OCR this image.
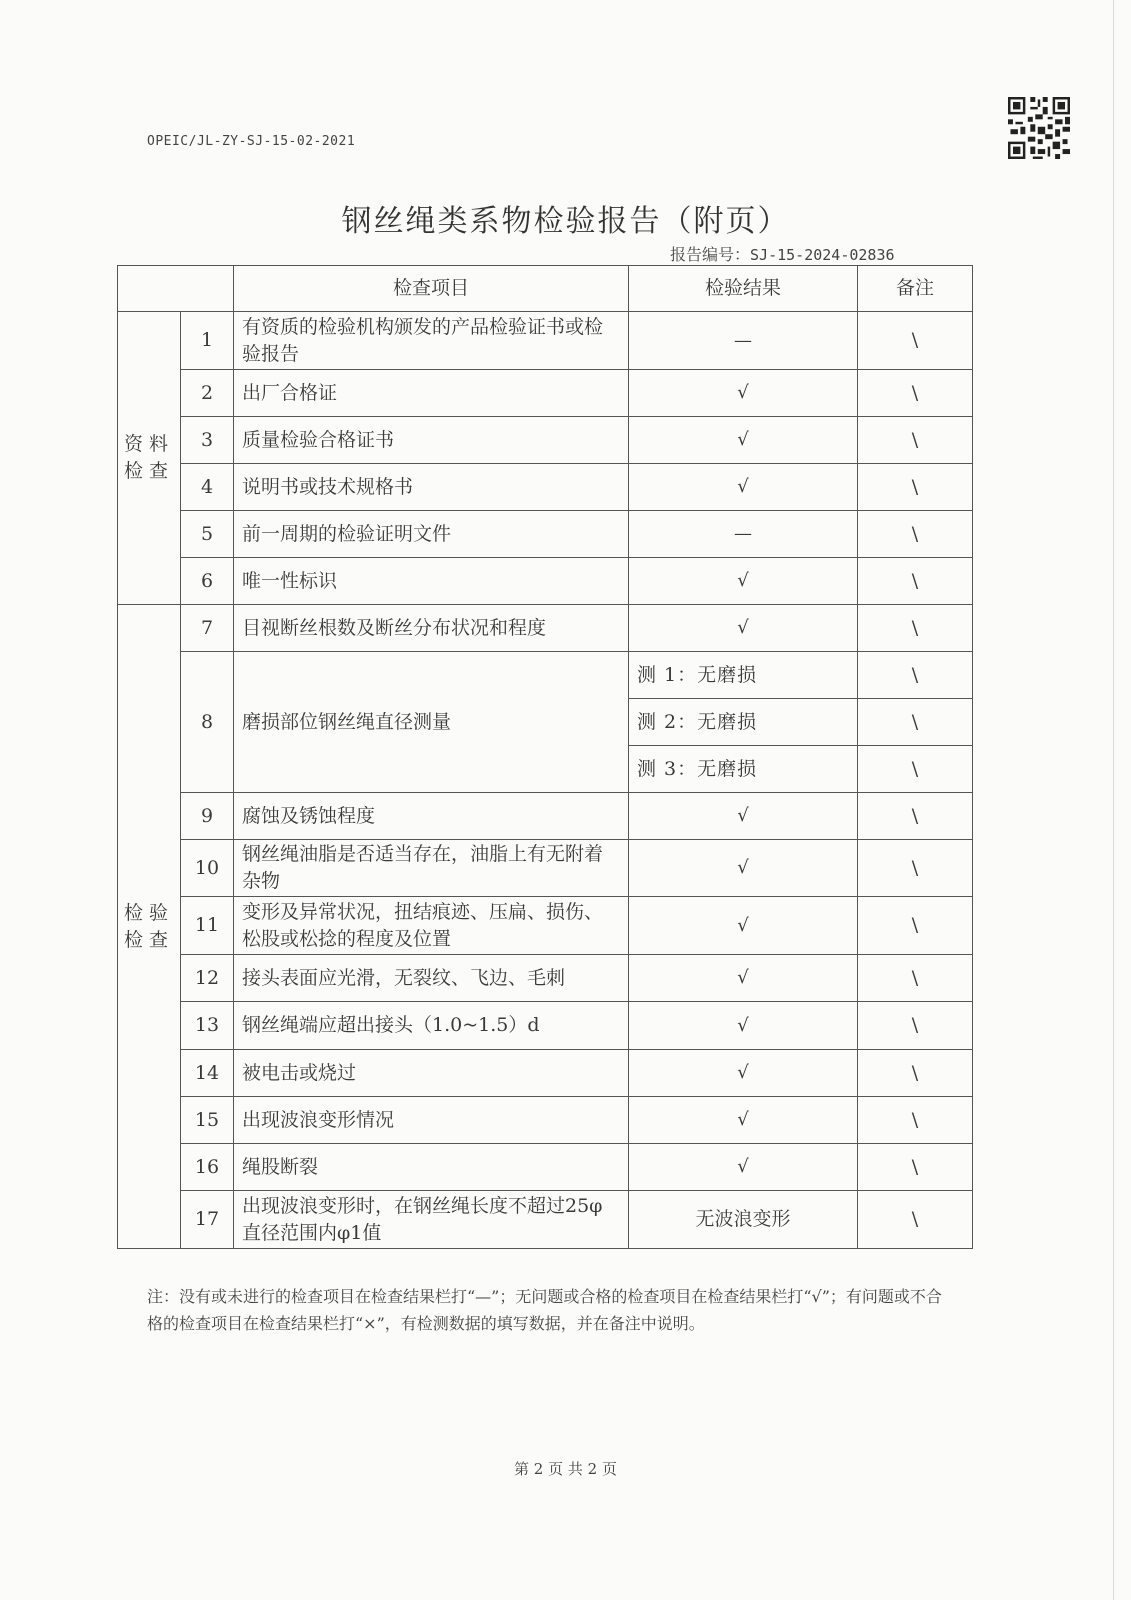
OPEIC/JL-ZY-SJ-15-02-2021
钢丝绳类系物检验报告（附页）
报告编号：SJ-15-2024-02836
		检查项目	检验结果	备注
资料
检查	1	有资质的检验机构颁发的产品检验证书或检验报告	—	\
	2	出厂合格证	√	\
	3	质量检验合格证书	√	\
	4	说明书或技术规格书	√	\
	5	前一周期的检验证明文件	—	\
	6	唯一性标识	√	\
检验
检查	7	目视断丝根数及断丝分布状况和程度	√	\
	8	磨损部位钢丝绳直径测量	测 1：无磨损	\
			测 2：无磨损	\
			测 3：无磨损	\
	9	腐蚀及锈蚀程度	√	\
	10	钢丝绳油脂是否适当存在，油脂上有无附着杂物	√	\
	11	变形及异常状况，扭结痕迹、压扁、损伤、松股或松捻的程度及位置	√	\
	12	接头表面应光滑，无裂纹、飞边、毛刺	√	\
	13	钢丝绳端应超出接头（1.0~1.5）d	√	\
	14	被电击或烧过	√	\
	15	出现波浪变形情况	√	\
	16	绳股断裂	√	\
	17	出现波浪变形时，在钢丝绳长度不超过25φ直径范围内φ1值	无波浪变形	\

注：没有或未进行的检查项目在检查结果栏打“—”；无问题或合格的检查项目在检查结果栏打“√”；有问题或不合格的检查项目在检查结果栏打“×”，有检测数据的填写数据，并在备注中说明。

第 2 页 共 2 页
